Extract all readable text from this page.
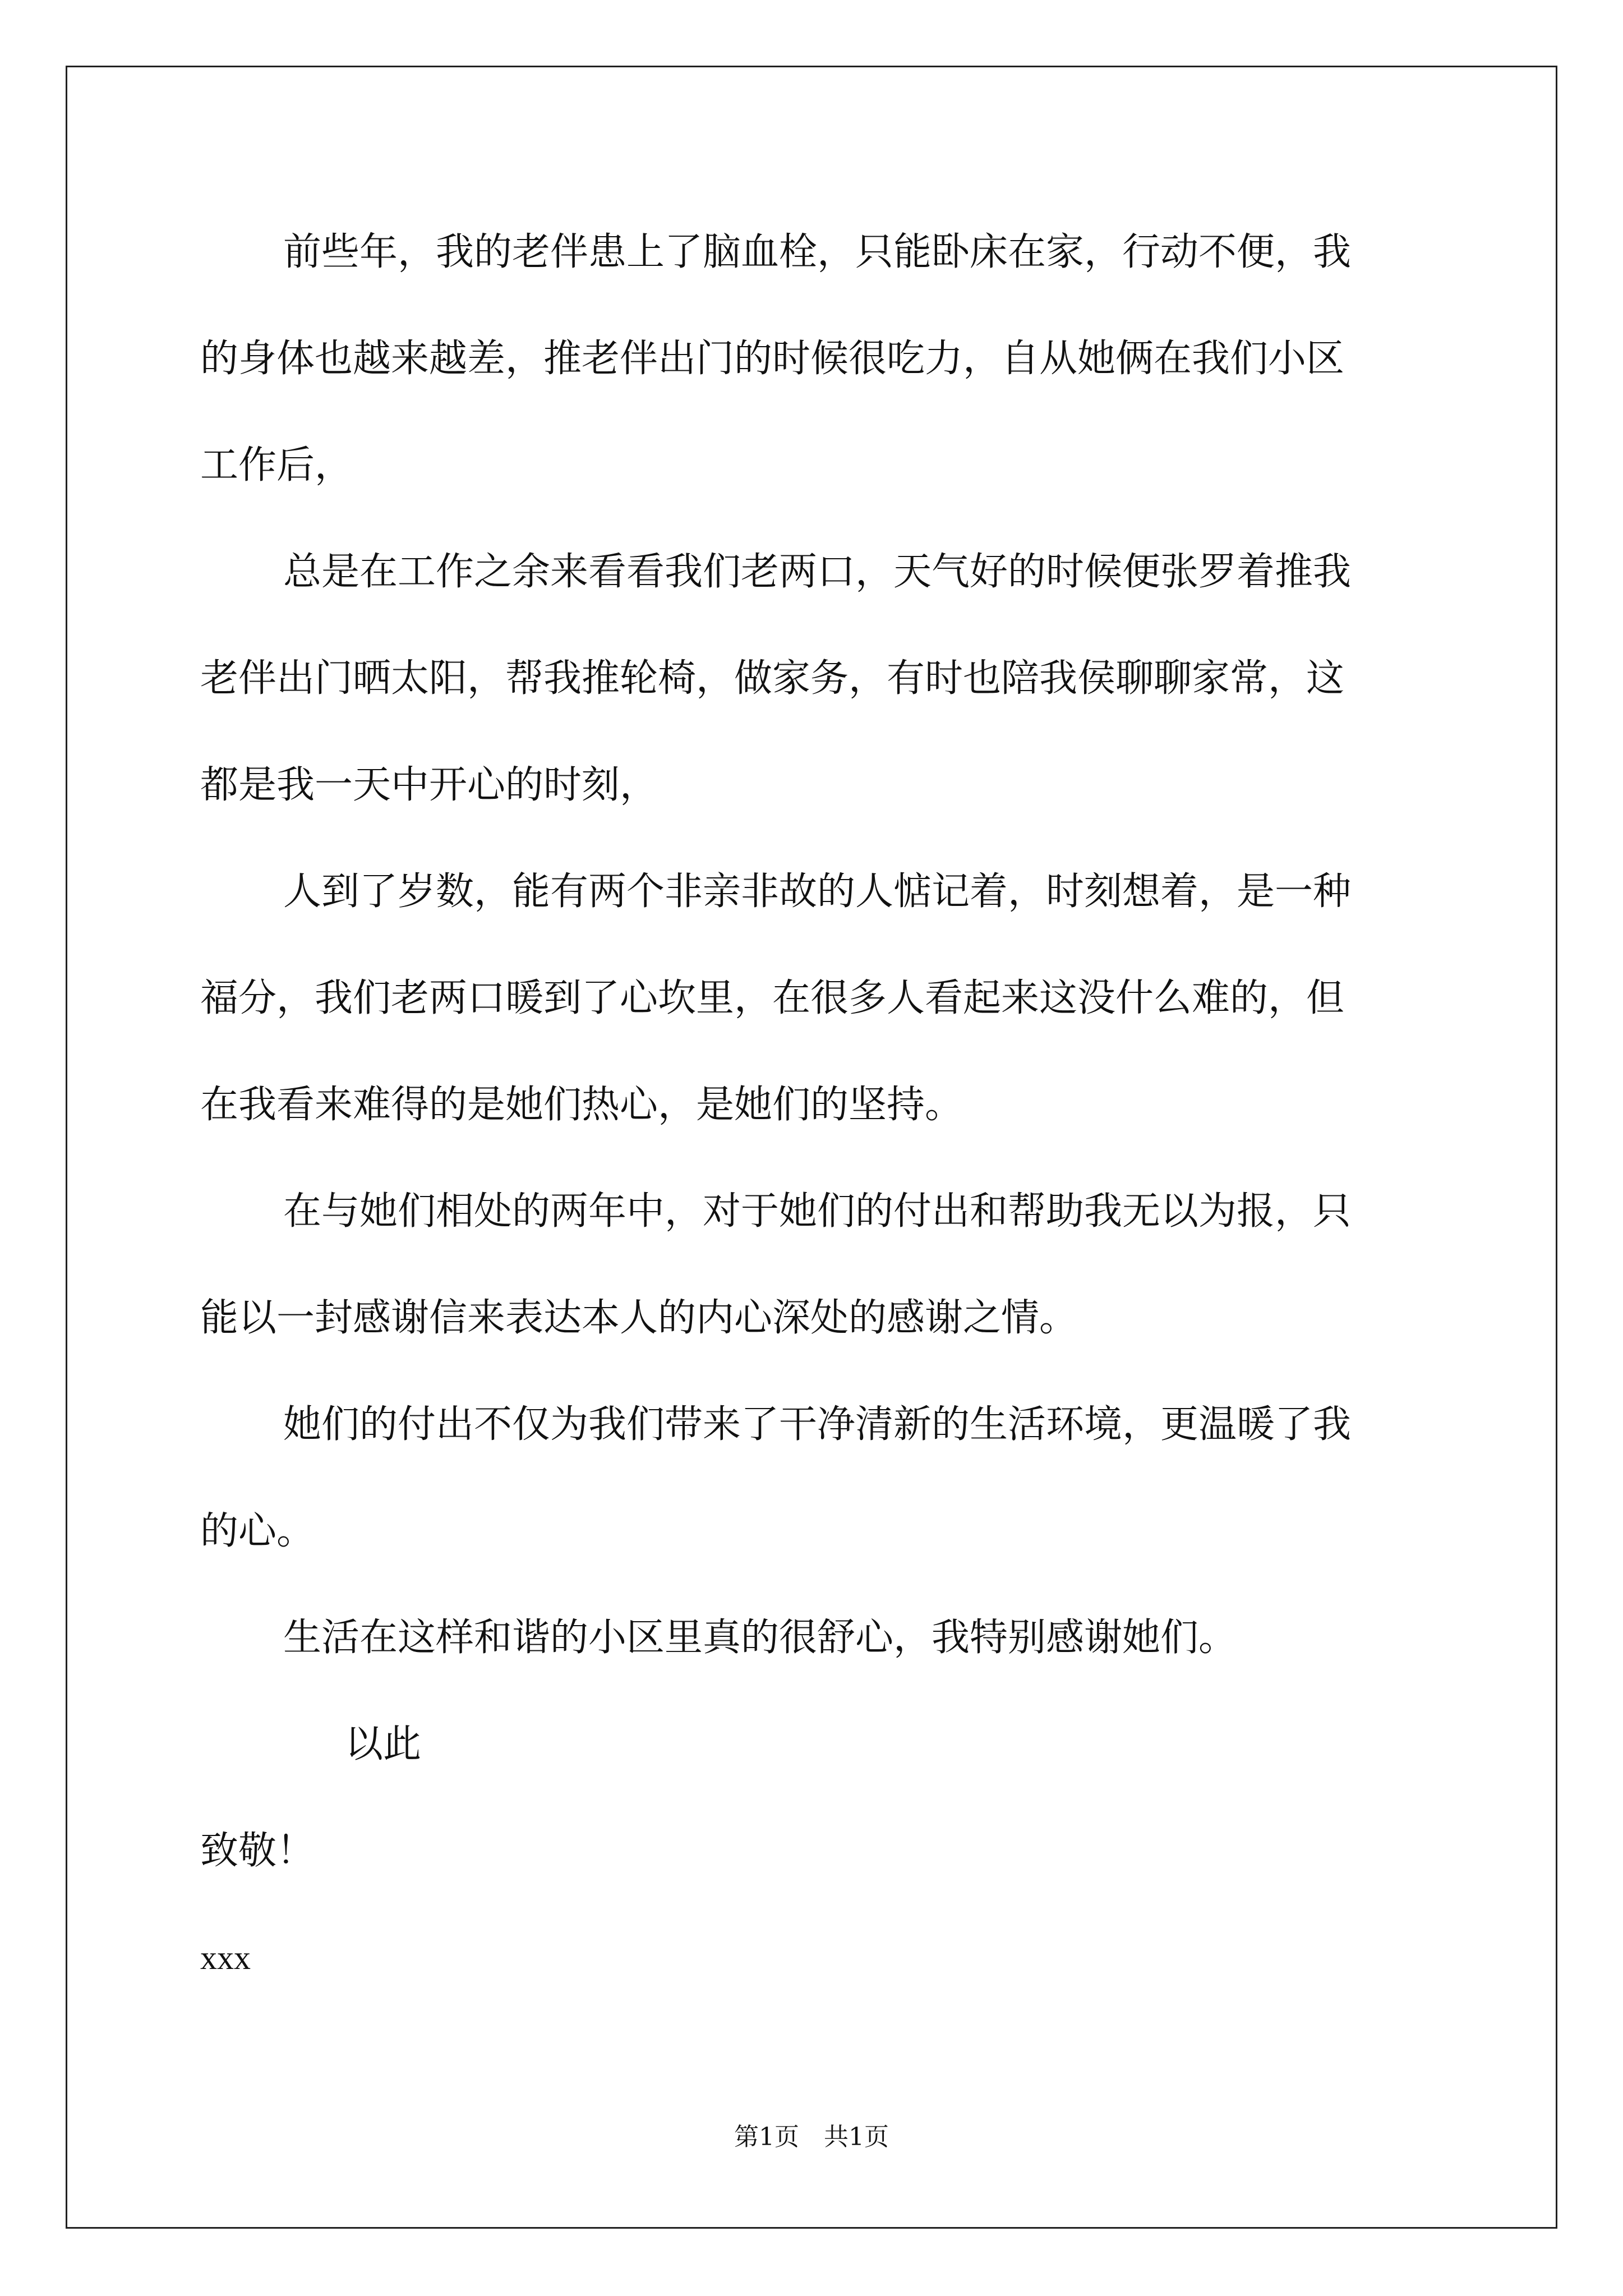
前些年，我的老伴患上了脑血栓，只能卧床在家，行动不便，我
的身体也越来越差，推老伴出门的时候很吃力，自从她俩在我们小区
工作后，
总是在工作之余来看看我们老两口，天气好的时候便张罗着推我
老伴出门晒太阳，帮我推轮椅，做家务，有时也陪我侯聊聊家常，这
都是我一天中开心的时刻，
人到了岁数，能有两个非亲非故的人惦记着，时刻想着，是一种
福分，我们老两口暖到了心坎里，在很多人看起来这没什么难的，但
在我看来难得的是她们热心，是她们的坚持。
在与她们相处的两年中，对于她们的付出和帮助我无以为报，只
能以一封感谢信来表达本人的内心深处的感谢之情。
她们的付出不仅为我们带来了干净清新的生活环境，更温暖了我
的心。
生活在这样和谐的小区里真的很舒心，我特别感谢她们。
以此
致敬！
xxx
第1页　共1页
